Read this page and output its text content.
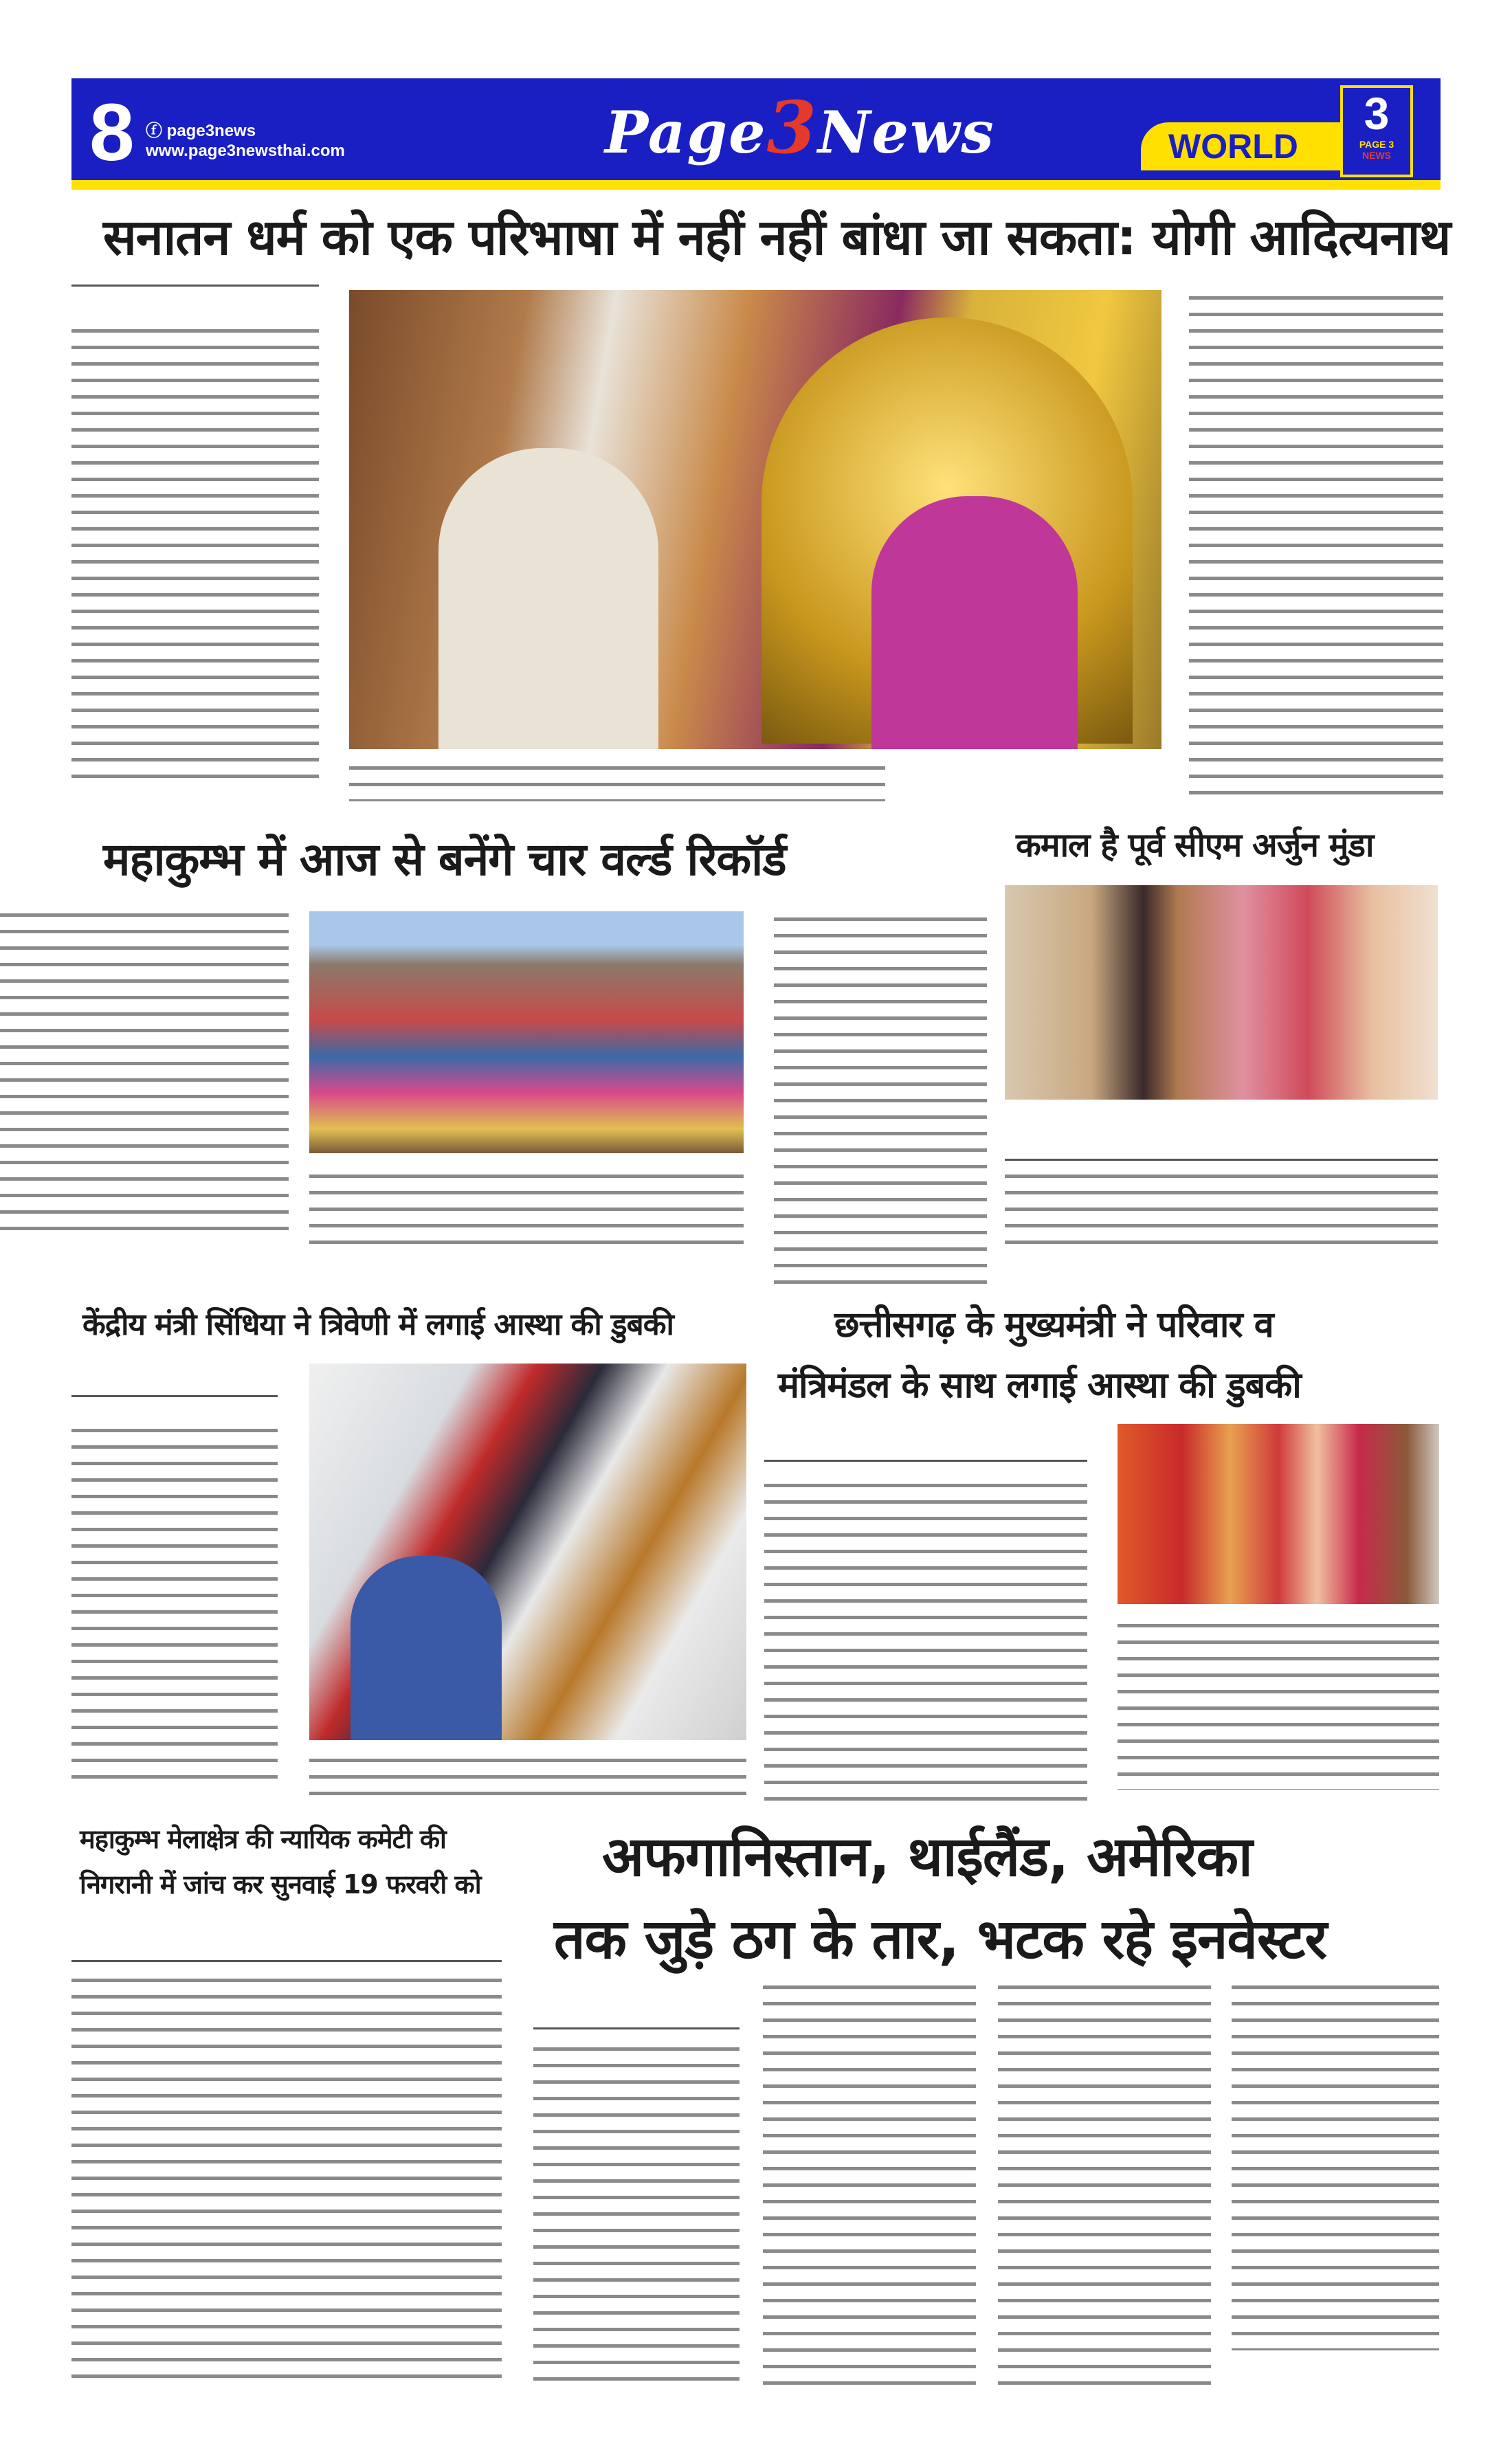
8 ⓕ page3news
www.page3newsthai.com	Page3News	WORLD
3
PAGE 3
NEWS
सनातन धर्म को एक परिभाषा में नहीं नहीं बांधा जा सकता: योगी आदित्यनाथ
महाकुम्भ में आज से बनेंगे चार वर्ल्ड रिकॉर्ड	कमाल है पूर्व सीएम अर्जुन मुंडा
केंद्रीय मंत्री सिंधिया ने त्रिवेणी में लगाई आस्था की डुबकी	छत्तीसगढ़ के मुख्यमंत्री ने परिवार व
मंत्रिमंडल के साथ लगाई आस्था की डुबकी
महाकुम्भ मेलाक्षेत्र की न्यायिक कमेटी की
निगरानी में जांच कर सुनवाई 19 फरवरी को अफगानिस्तान, थाईलैंड, अमेरिका
तक जुड़े ठग के तार, भटक रहे इनवेस्टर
